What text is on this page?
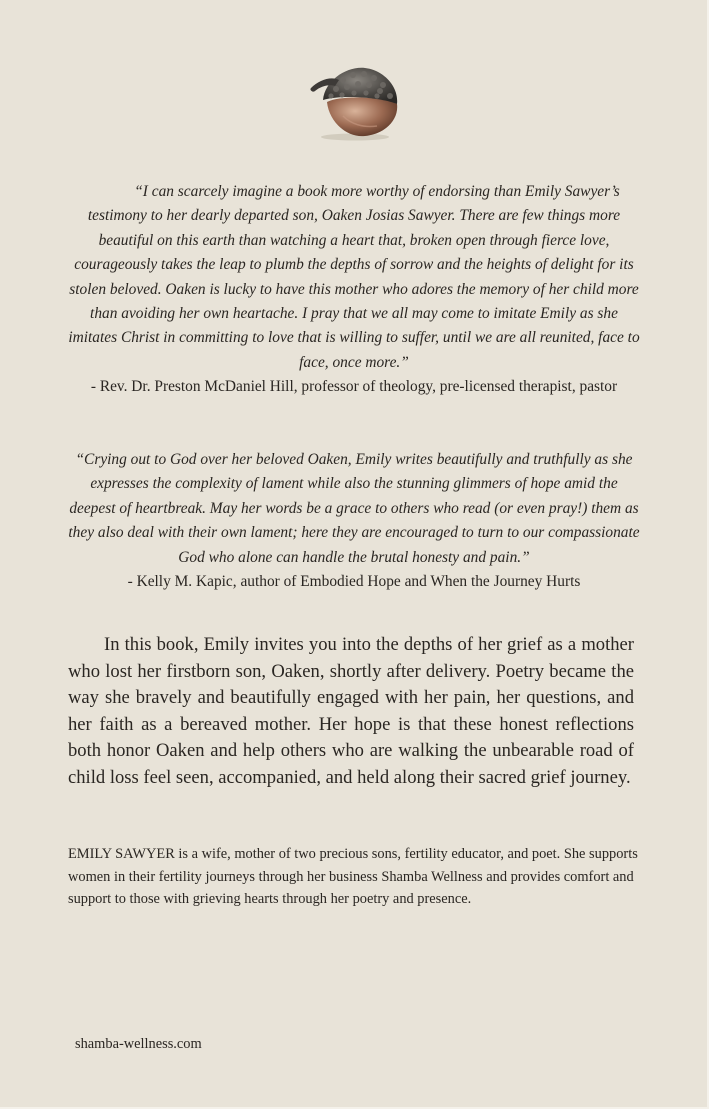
“I can scarcely imagine a book more worthy of endorsing than Emily Sawyer’s testimony to her dearly departed son, Oaken Josias Sawyer. There are few things more beautiful on this earth than watching a heart that, broken open through fierce love, courageously takes the leap to plumb the depths of sorrow and the heights of delight for its stolen beloved. Oaken is lucky to have this mother who adores the memory of her child more than avoiding her own heartache. I pray that we all may come to imitate Emily as she imitates Christ in committing to love that is willing to suffer, until we are all reunited, face to face, once more.”

- Rev. Dr. Preston McDaniel Hill, professor of theology, pre-licensed therapist, pastor

“Crying out to God over her beloved Oaken, Emily writes beautifully and truthfully as she expresses the complexity of lament while also the stunning glimmers of hope amid the deepest of heartbreak. May her words be a grace to others who read (or even pray!) them as they also deal with their own lament; here they are encouraged to turn to our compassionate God who alone can handle the brutal honesty and pain.”

- Kelly M. Kapic, author of Embodied Hope and When the Journey Hurts

In this book, Emily invites you into the depths of her grief as a mother who lost her firstborn son, Oaken, shortly after delivery. Poetry became the way she bravely and beautifully engaged with her pain, her questions, and her faith as a bereaved mother. Her hope is that these honest reflections both honor Oaken and help others who are walking the unbearable road of child loss feel seen, accompanied, and held along their sacred grief journey.

EMILY SAWYER is a wife, mother of two precious sons, fertility educator, and poet. She supports women in their fertility journeys through her business Shamba Wellness and provides comfort and support to those with grieving hearts through her poetry and presence.

shamba-wellness.com
